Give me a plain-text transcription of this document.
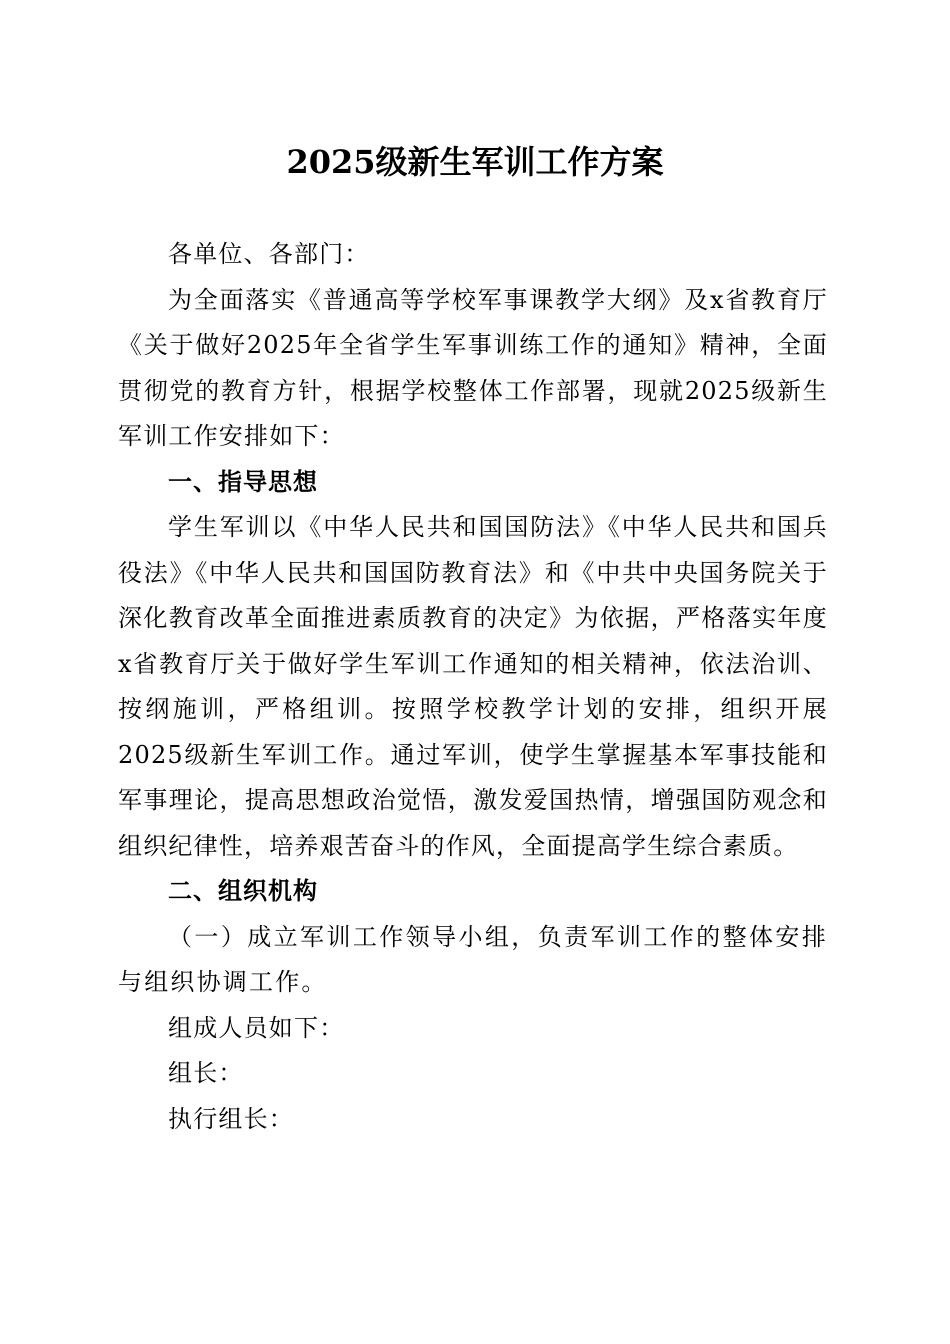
2025级新生军训工作方案

各单位、各部门：

为全面落实《普通高等学校军事课教学大纲》及x省教育厅《关于做好2025年全省学生军事训练工作的通知》精神，全面贯彻党的教育方针，根据学校整体工作部署，现就2025级新生军训工作安排如下：

一、指导思想

学生军训以《中华人民共和国国防法》《中华人民共和国兵役法》《中华人民共和国国防教育法》和《中共中央国务院关于深化教育改革全面推进素质教育的决定》为依据，严格落实年度x省教育厅关于做好学生军训工作通知的相关精神，依法治训、按纲施训，严格组训。按照学校教学计划的安排，组织开展2025级新生军训工作。通过军训，使学生掌握基本军事技能和军事理论，提高思想政治觉悟，激发爱国热情，增强国防观念和组织纪律性，培养艰苦奋斗的作风，全面提高学生综合素质。

二、组织机构

（一）成立军训工作领导小组，负责军训工作的整体安排与组织协调工作。

组成人员如下：

组长：

执行组长：
